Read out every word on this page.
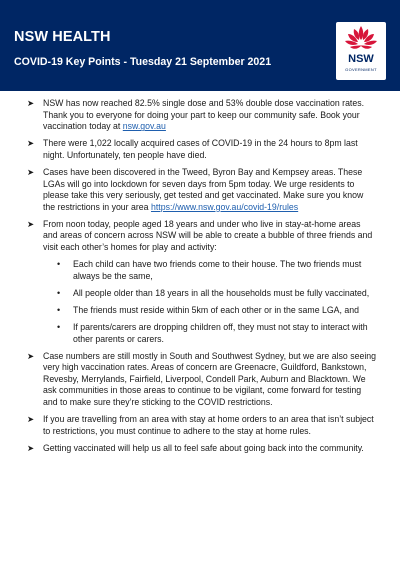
NSW HEALTH
COVID-19 Key Points - Tuesday 21 September 2021	NSW
GOVERNMENT
➤ NSW has now reached 82.5% single dose and 53% double dose vaccination rates. Thank you to everyone for doing your part to keep our community safe. Book your vaccination today at nsw.gov.au
➤ There were 1,022 locally acquired cases of COVID-19 in the 24 hours to 8pm last night. Unfortunately, ten people have died.
➤ Cases have been discovered in the Tweed, Byron Bay and Kempsey areas. These LGAs will go into lockdown for seven days from 5pm today. We urge residents to please take this very seriously, get tested and get vaccinated. Make sure you know the restrictions in your area https://www.nsw.gov.au/covid-19/rules
➤ From noon today, people aged 18 years and under who live in stay-at-home areas and areas of concern across NSW will be able to create a bubble of three friends and visit each other’s homes for play and activity:
• Each child can have two friends come to their house. The two friends must always be the same,
• All people older than 18 years in all the households must be fully vaccinated,
• The friends must reside within 5km of each other or in the same LGA, and
• If parents/carers are dropping children off, they must not stay to interact with other parents or carers.
➤ Case numbers are still mostly in South and Southwest Sydney, but we are also seeing very high vaccination rates. Areas of concern are Greenacre, Guildford, Bankstown, Revesby, Merrylands, Fairfield, Liverpool, Condell Park, Auburn and Blacktown. We ask communities in those areas to continue to be vigilant, come forward for testing and to make sure they’re sticking to the COVID restrictions.
➤ If you are travelling from an area with stay at home orders to an area that isn’t subject to restrictions, you must continue to adhere to the stay at home rules.
➤ Getting vaccinated will help us all to feel safe about going back into the community.
